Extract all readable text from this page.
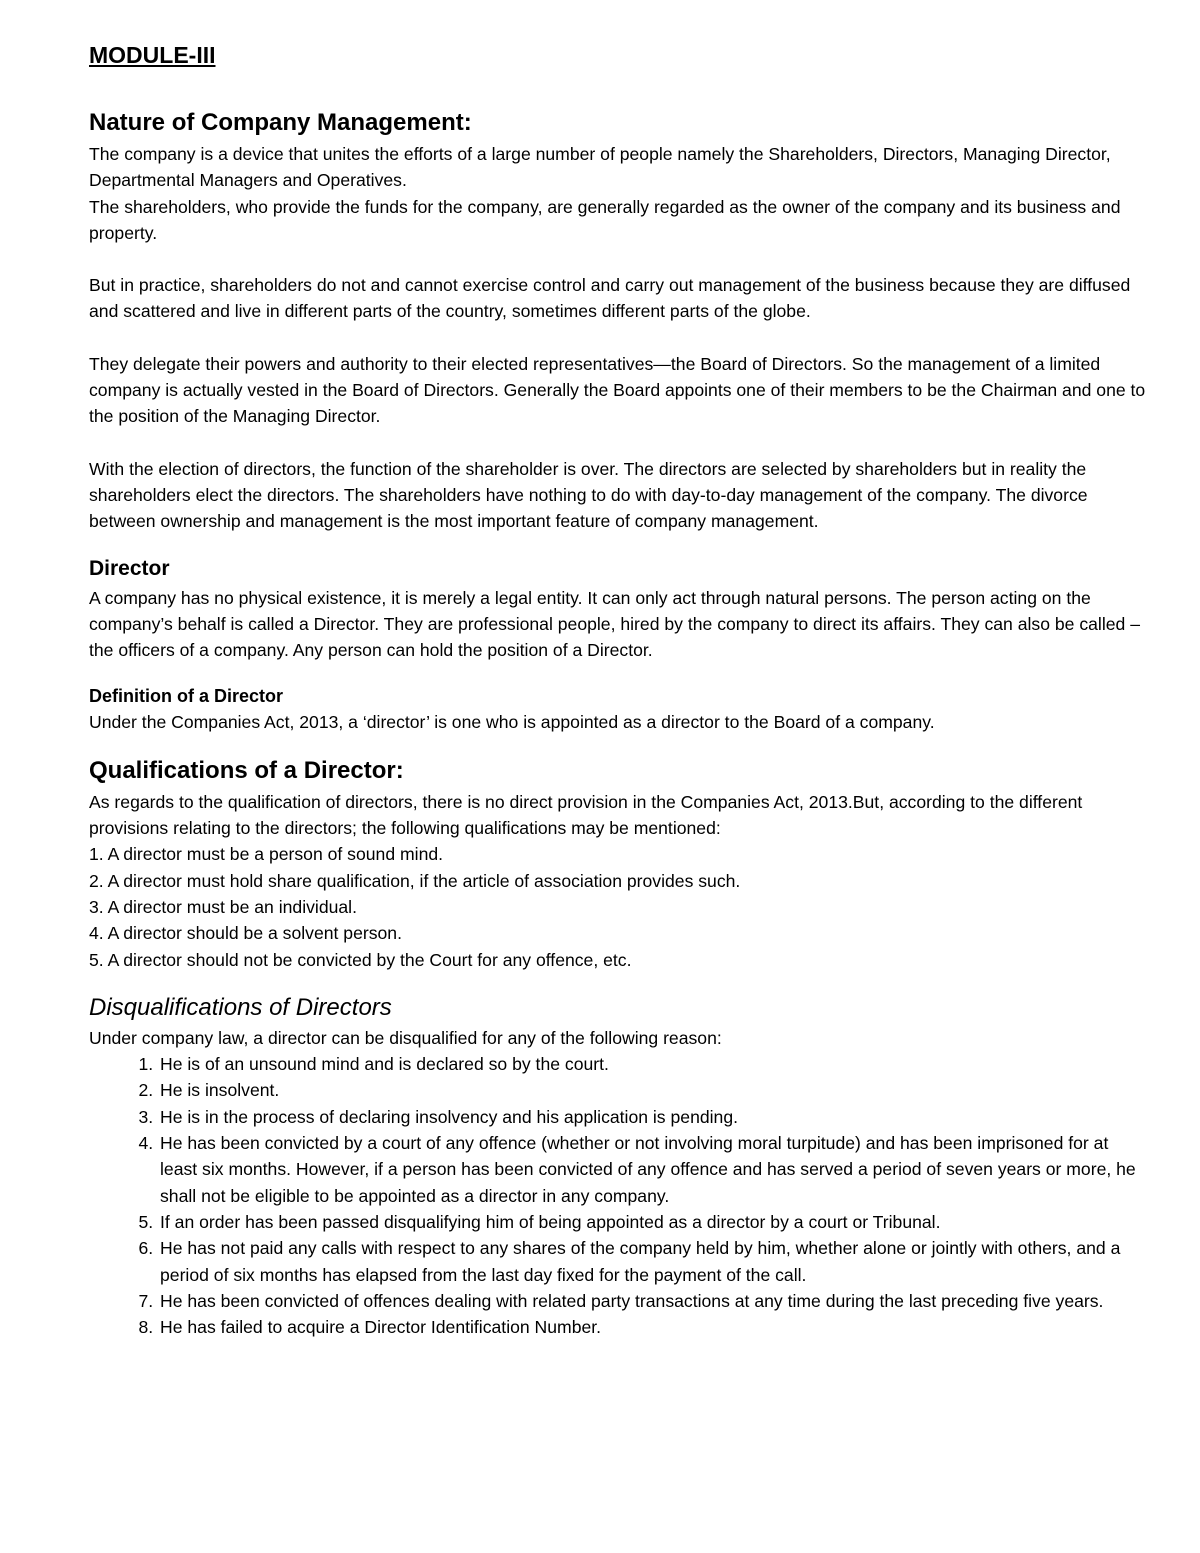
MODULE-III
Nature of Company Management:

The company is a device that unites the efforts of a large number of people namely the Shareholders, Directors, Managing Director, Departmental Managers and Operatives.

The shareholders, who provide the funds for the company, are generally regarded as the owner of the company and its business and property.

But in practice, shareholders do not and cannot exercise control and carry out management of the business because they are diffused and scattered and live in different parts of the country, sometimes different parts of the globe.

They delegate their powers and authority to their elected representatives—the Board of Directors. So the management of a limited company is actually vested in the Board of Directors. Generally the Board appoints one of their members to be the Chairman and one to the position of the Managing Director.

With the election of directors, the function of the shareholder is over. The directors are selected by shareholders but in reality the shareholders elect the directors. The shareholders have nothing to do with day-to-day management of the company. The divorce between ownership and management is the most important feature of company management.

Director

A company has no physical existence, it is merely a legal entity. It can only act through natural persons. The person acting on the company’s behalf is called a Director. They are professional people, hired by the company to direct its affairs. They can also be called – the officers of a company. Any person can hold the position of a Director.

Definition of a Director

Under the Companies Act, 2013, a ‘director’ is one who is appointed as a director to the Board of a company.

Qualifications of a Director:

As regards to the qualification of directors, there is no direct provision in the Companies Act, 2013.But, according to the different provisions relating to the directors; the following qualifications may be mentioned:

1. A director must be a person of sound mind.

2. A director must hold share qualification, if the article of association provides such.

3. A director must be an individual.

4. A director should be a solvent person.

5. A director should not be convicted by the Court for any offence, etc.

Disqualifications of Directors

Under company law, a director can be disqualified for any of the following reason:

1. He is of an unsound mind and is declared so by the court.
2. He is insolvent.
3. He is in the process of declaring insolvency and his application is pending.
4. He has been convicted by a court of any offence (whether or not involving moral turpitude) and has been imprisoned for at least six months. However, if a person has been convicted of any offence and has served a period of seven years or more, he shall not be eligible to be appointed as a director in any company.
5. If an order has been passed disqualifying him of being appointed as a director by a court or Tribunal.
6. He has not paid any calls with respect to any shares of the company held by him, whether alone or jointly with others, and a period of six months has elapsed from the last day fixed for the payment of the call.
7. He has been convicted of offences dealing with related party transactions at any time during the last preceding five years.
8. He has failed to acquire a Director Identification Number.
